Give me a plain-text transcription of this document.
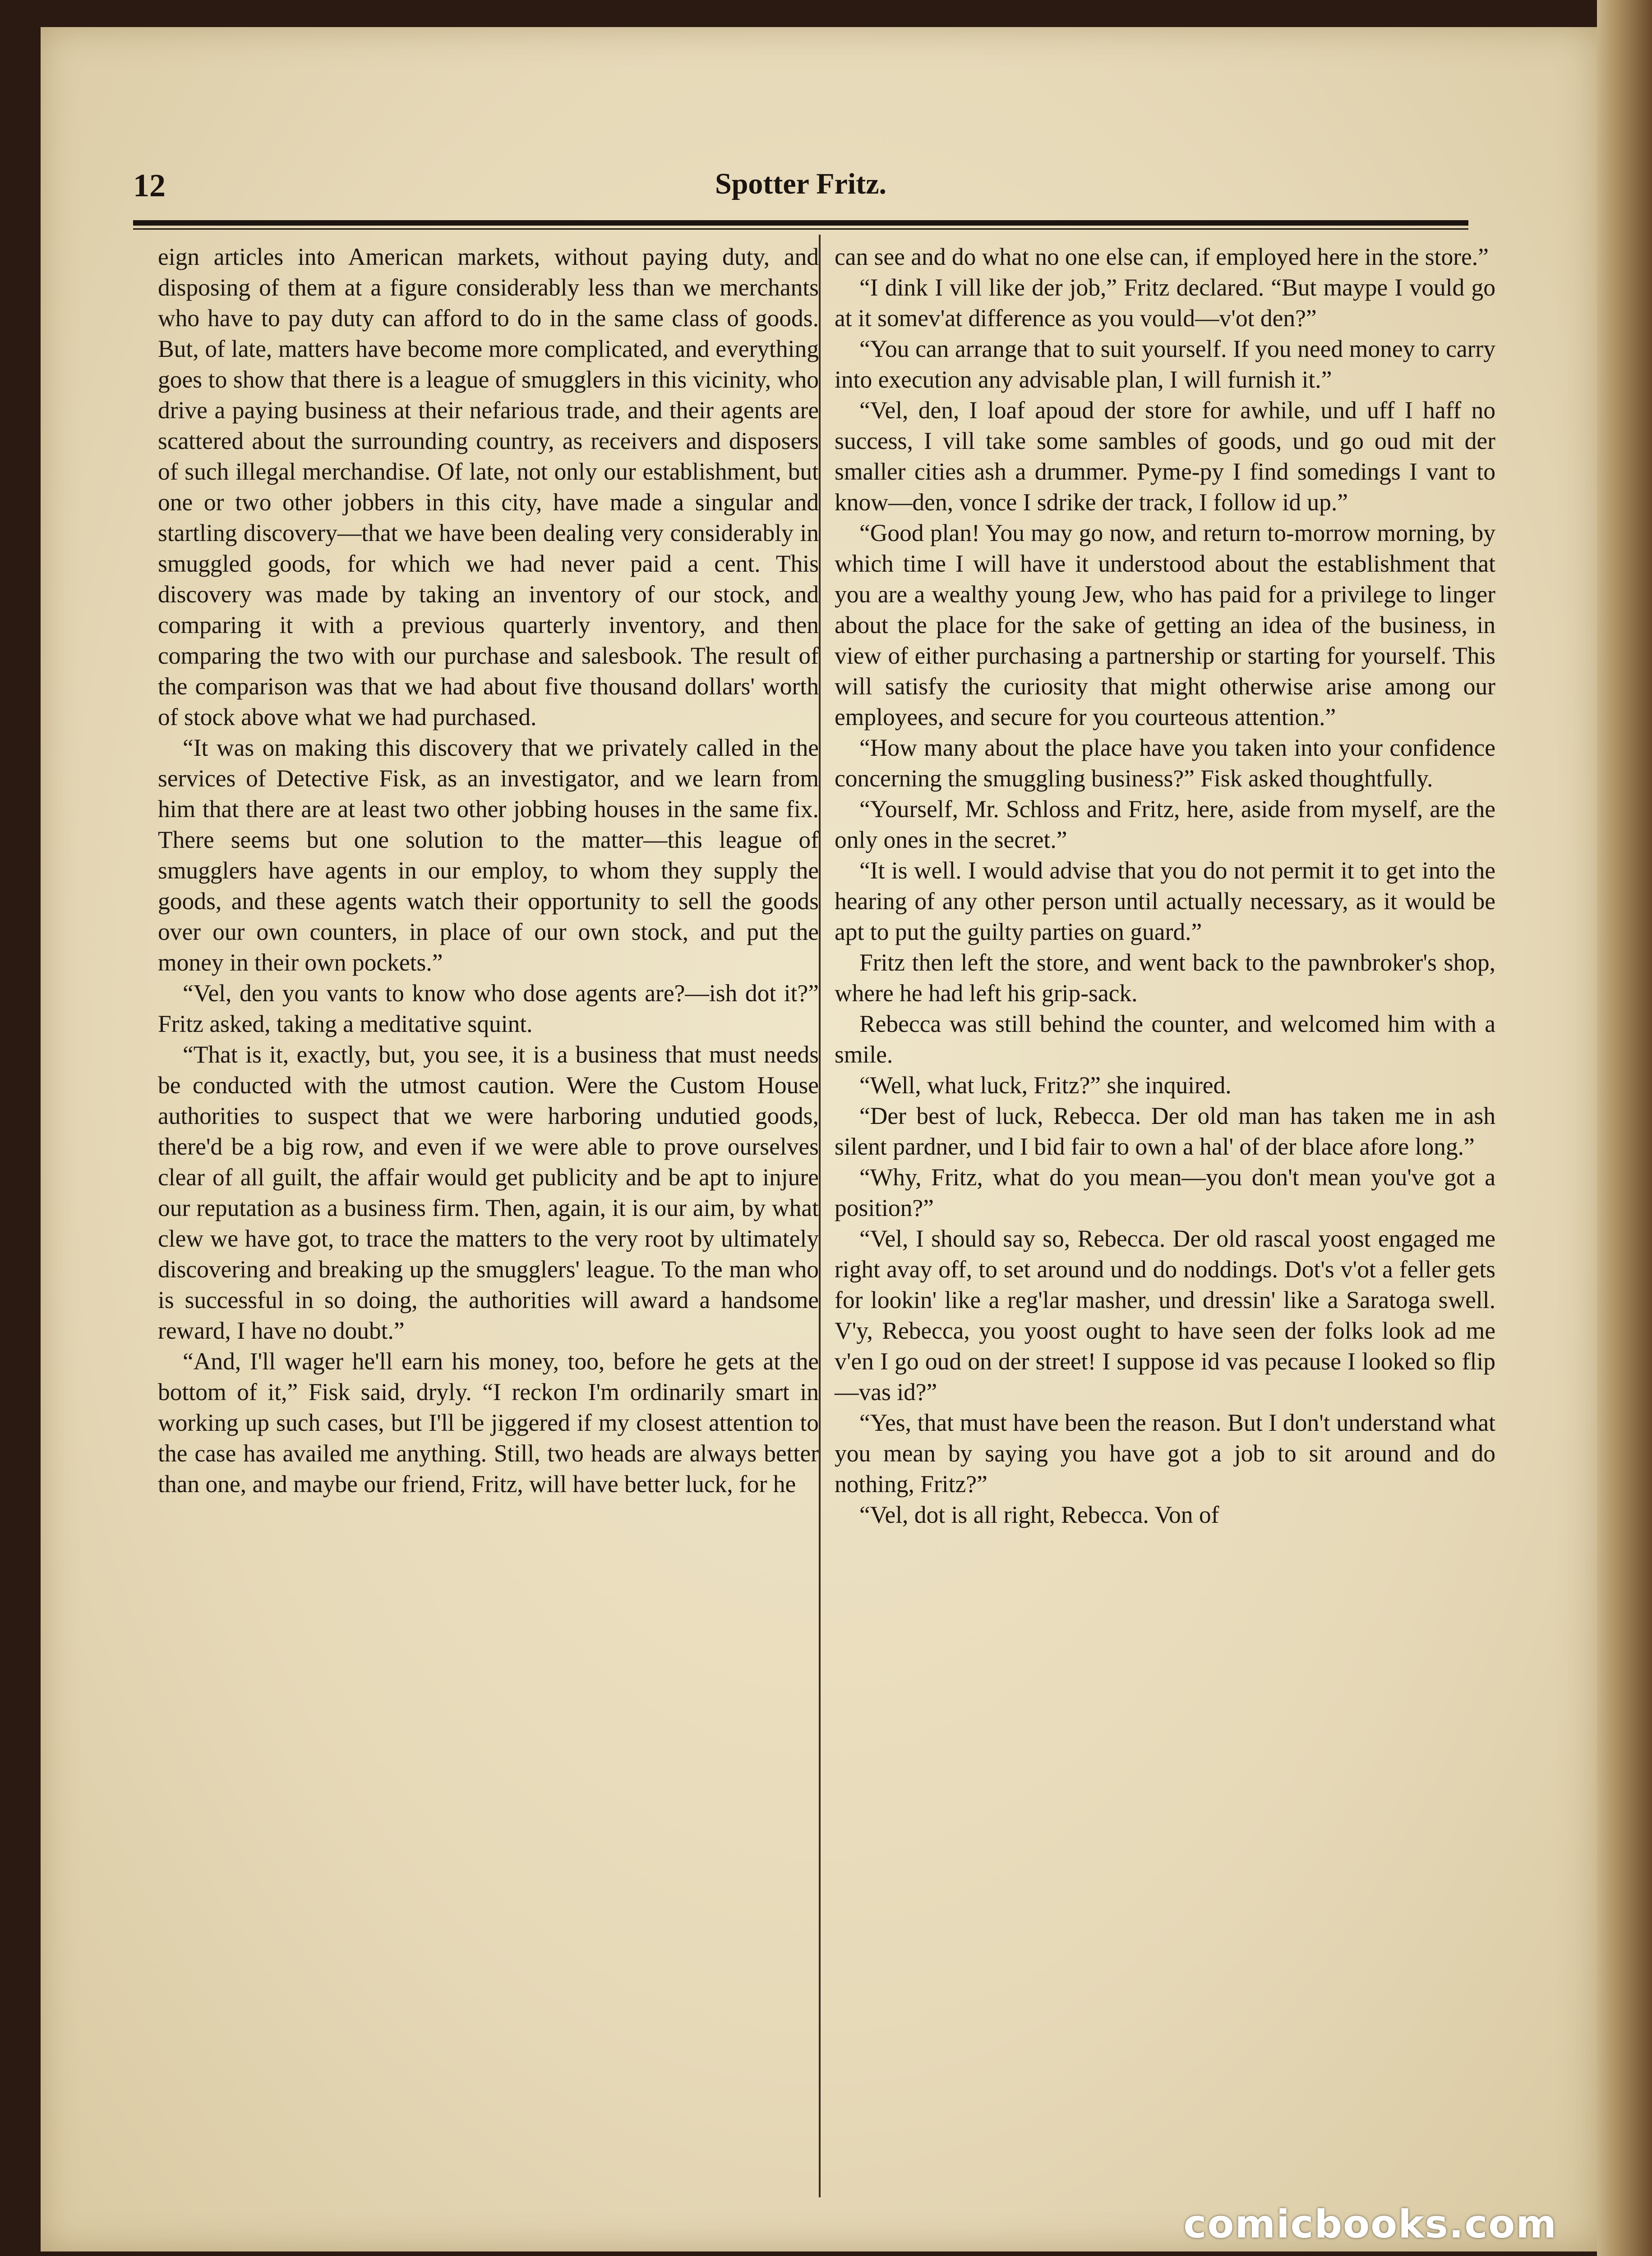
12	Spotter Fritz.

eign articles into American markets, without paying duty, and disposing of them at a figure considerably less than we merchants who have to pay duty can afford to do in the same class of goods. But, of late, matters have become more complicated, and everything goes to show that there is a league of smugglers in this vicinity, who drive a paying business at their nefarious trade, and their agents are scattered about the surrounding country, as receivers and disposers of such illegal merchandise. Of late, not only our establishment, but one or two other jobbers in this city, have made a singular and startling discovery—that we have been dealing very considerably in smuggled goods, for which we had never paid a cent. This discovery was made by taking an inventory of our stock, and comparing it with a previous quarterly inventory, and then comparing the two with our purchase and salesbook. The result of the comparison was that we had about five thousand dollars' worth of stock above what we had purchased.

“It was on making this discovery that we privately called in the services of Detective Fisk, as an investigator, and we learn from him that there are at least two other jobbing houses in the same fix. There seems but one solution to the matter—this league of smugglers have agents in our employ, to whom they supply the goods, and these agents watch their opportunity to sell the goods over our own counters, in place of our own stock, and put the money in their own pockets.”

“Vel, den you vants to know who dose agents are?—ish dot it?” Fritz asked, taking a meditative squint.

“That is it, exactly, but, you see, it is a business that must needs be conducted with the utmost caution. Were the Custom House authorities to suspect that we were harboring undutied goods, there'd be a big row, and even if we were able to prove ourselves clear of all guilt, the affair would get publicity and be apt to injure our reputation as a business firm. Then, again, it is our aim, by what clew we have got, to trace the matters to the very root by ultimately discovering and breaking up the smugglers' league. To the man who is successful in so doing, the authorities will award a handsome reward, I have no doubt.”

“And, I'll wager he'll earn his money, too, before he gets at the bottom of it,” Fisk said, dryly. “I reckon I'm ordinarily smart in working up such cases, but I'll be jiggered if my closest attention to the case has availed me anything. Still, two heads are always better than one, and maybe our friend, Fritz, will have better luck, for he

can see and do what no one else can, if employed here in the store.”

“I dink I vill like der job,” Fritz declared. “But maype I vould go at it somev'at difference as you vould—v'ot den?”

“You can arrange that to suit yourself. If you need money to carry into execution any advisable plan, I will furnish it.”

“Vel, den, I loaf apoud der store for awhile, und uff I haff no success, I vill take some sambles of goods, und go oud mit der smaller cities ash a drummer. Pyme-py I find somedings I vant to know—den, vonce I sdrike der track, I follow id up.”

“Good plan! You may go now, and return to-morrow morning, by which time I will have it understood about the establishment that you are a wealthy young Jew, who has paid for a privilege to linger about the place for the sake of getting an idea of the business, in view of either purchasing a partnership or starting for yourself. This will satisfy the curiosity that might otherwise arise among our employees, and secure for you courteous attention.”

“How many about the place have you taken into your confidence concerning the smuggling business?” Fisk asked thoughtfully.

“Yourself, Mr. Schloss and Fritz, here, aside from myself, are the only ones in the secret.”

“It is well. I would advise that you do not permit it to get into the hearing of any other person until actually necessary, as it would be apt to put the guilty parties on guard.”

Fritz then left the store, and went back to the pawnbroker's shop, where he had left his grip-sack.

Rebecca was still behind the counter, and welcomed him with a smile.

“Well, what luck, Fritz?” she inquired.

“Der best of luck, Rebecca. Der old man has taken me in ash silent pardner, und I bid fair to own a hal' of der blace afore long.”

“Why, Fritz, what do you mean—you don't mean you've got a position?”

“Vel, I should say so, Rebecca. Der old rascal yoost engaged me right avay off, to set around und do noddings. Dot's v'ot a feller gets for lookin' like a reg'lar masher, und dressin' like a Saratoga swell. V'y, Rebecca, you yoost ought to have seen der folks look ad me v'en I go oud on der street! I suppose id vas pecause I looked so flip—vas id?”

“Yes, that must have been the reason. But I don't understand what you mean by saying you have got a job to sit around and do nothing, Fritz?”

“Vel, dot is all right, Rebecca. Von of

comicbooks.com
